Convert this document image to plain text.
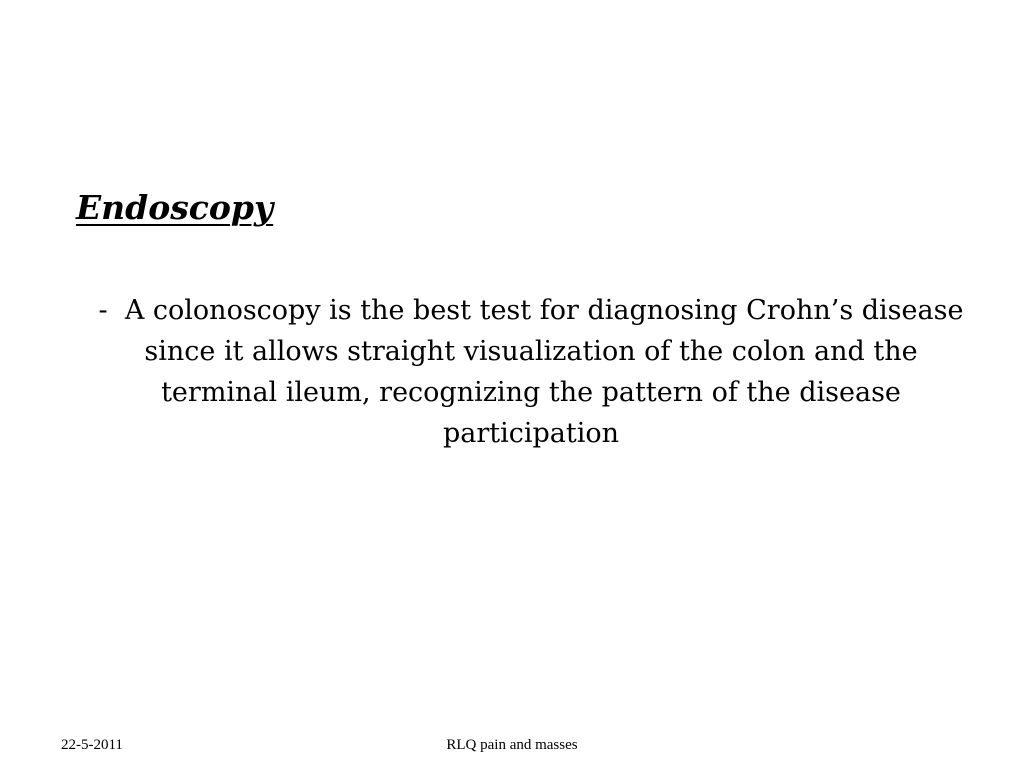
Endoscopy

- A colonoscopy is the best test for diagnosing Crohn’s disease since it allows straight visualization of the colon and the terminal ileum, recognizing the pattern of the disease participation

22-5-2011	RLQ pain and masses
